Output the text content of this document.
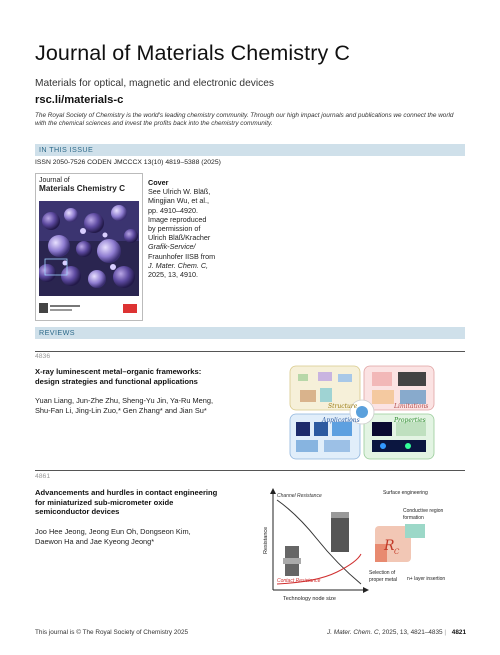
Journal of Materials Chemistry C
Materials for optical, magnetic and electronic devices
rsc.li/materials-c
The Royal Society of Chemistry is the world's leading chemistry community. Through our high impact journals and publications we connect the world with the chemical sciences and invest the profits back into the chemistry community.
IN THIS ISSUE
ISSN 2050-7526 CODEN JMCCCX 13(10) 4819–5388 (2025)
Journal of
Materials Chemistry C
Cover
See Ulrich W. Bläß,
Mingjian Wu, et al.,
pp. 4910–4920.
Image reproduced
by permission of
Ulrich Bläß/Kracher
Grafik-Service/
Fraunhofer IISB from
J. Mater. Chem. C,
2025, 13, 4910.
REVIEWS
4836
X-ray luminescent metal–organic frameworks:
design strategies and functional applications
Yuan Liang, Jun-Zhe Zhu, Sheng-Yu Jin, Ya-Ru Meng,
Shu-Fan Li, Jing-Lin Zuo,* Gen Zhang* and Jian Su*	Structure	Limitations
Applications	Properties
4861
Advancements and hurdles in contact engineering
for miniaturized sub-micrometer oxide
semiconductor devices
Joo Hee Jeong, Jeong Eun Oh, Dongseon Kim,
Daewon Ha and Jae Kyeong Jeong*	Resistance
Technology node size
Channel Resistance
Contact Resistance
Surface engineering
Conductive region
formation
R C
Selection of
proper metal n+ layer insertion
This journal is © The Royal Society of Chemistry 2025	J. Mater. Chem. C, 2025, 13, 4821–4835 | 4821
